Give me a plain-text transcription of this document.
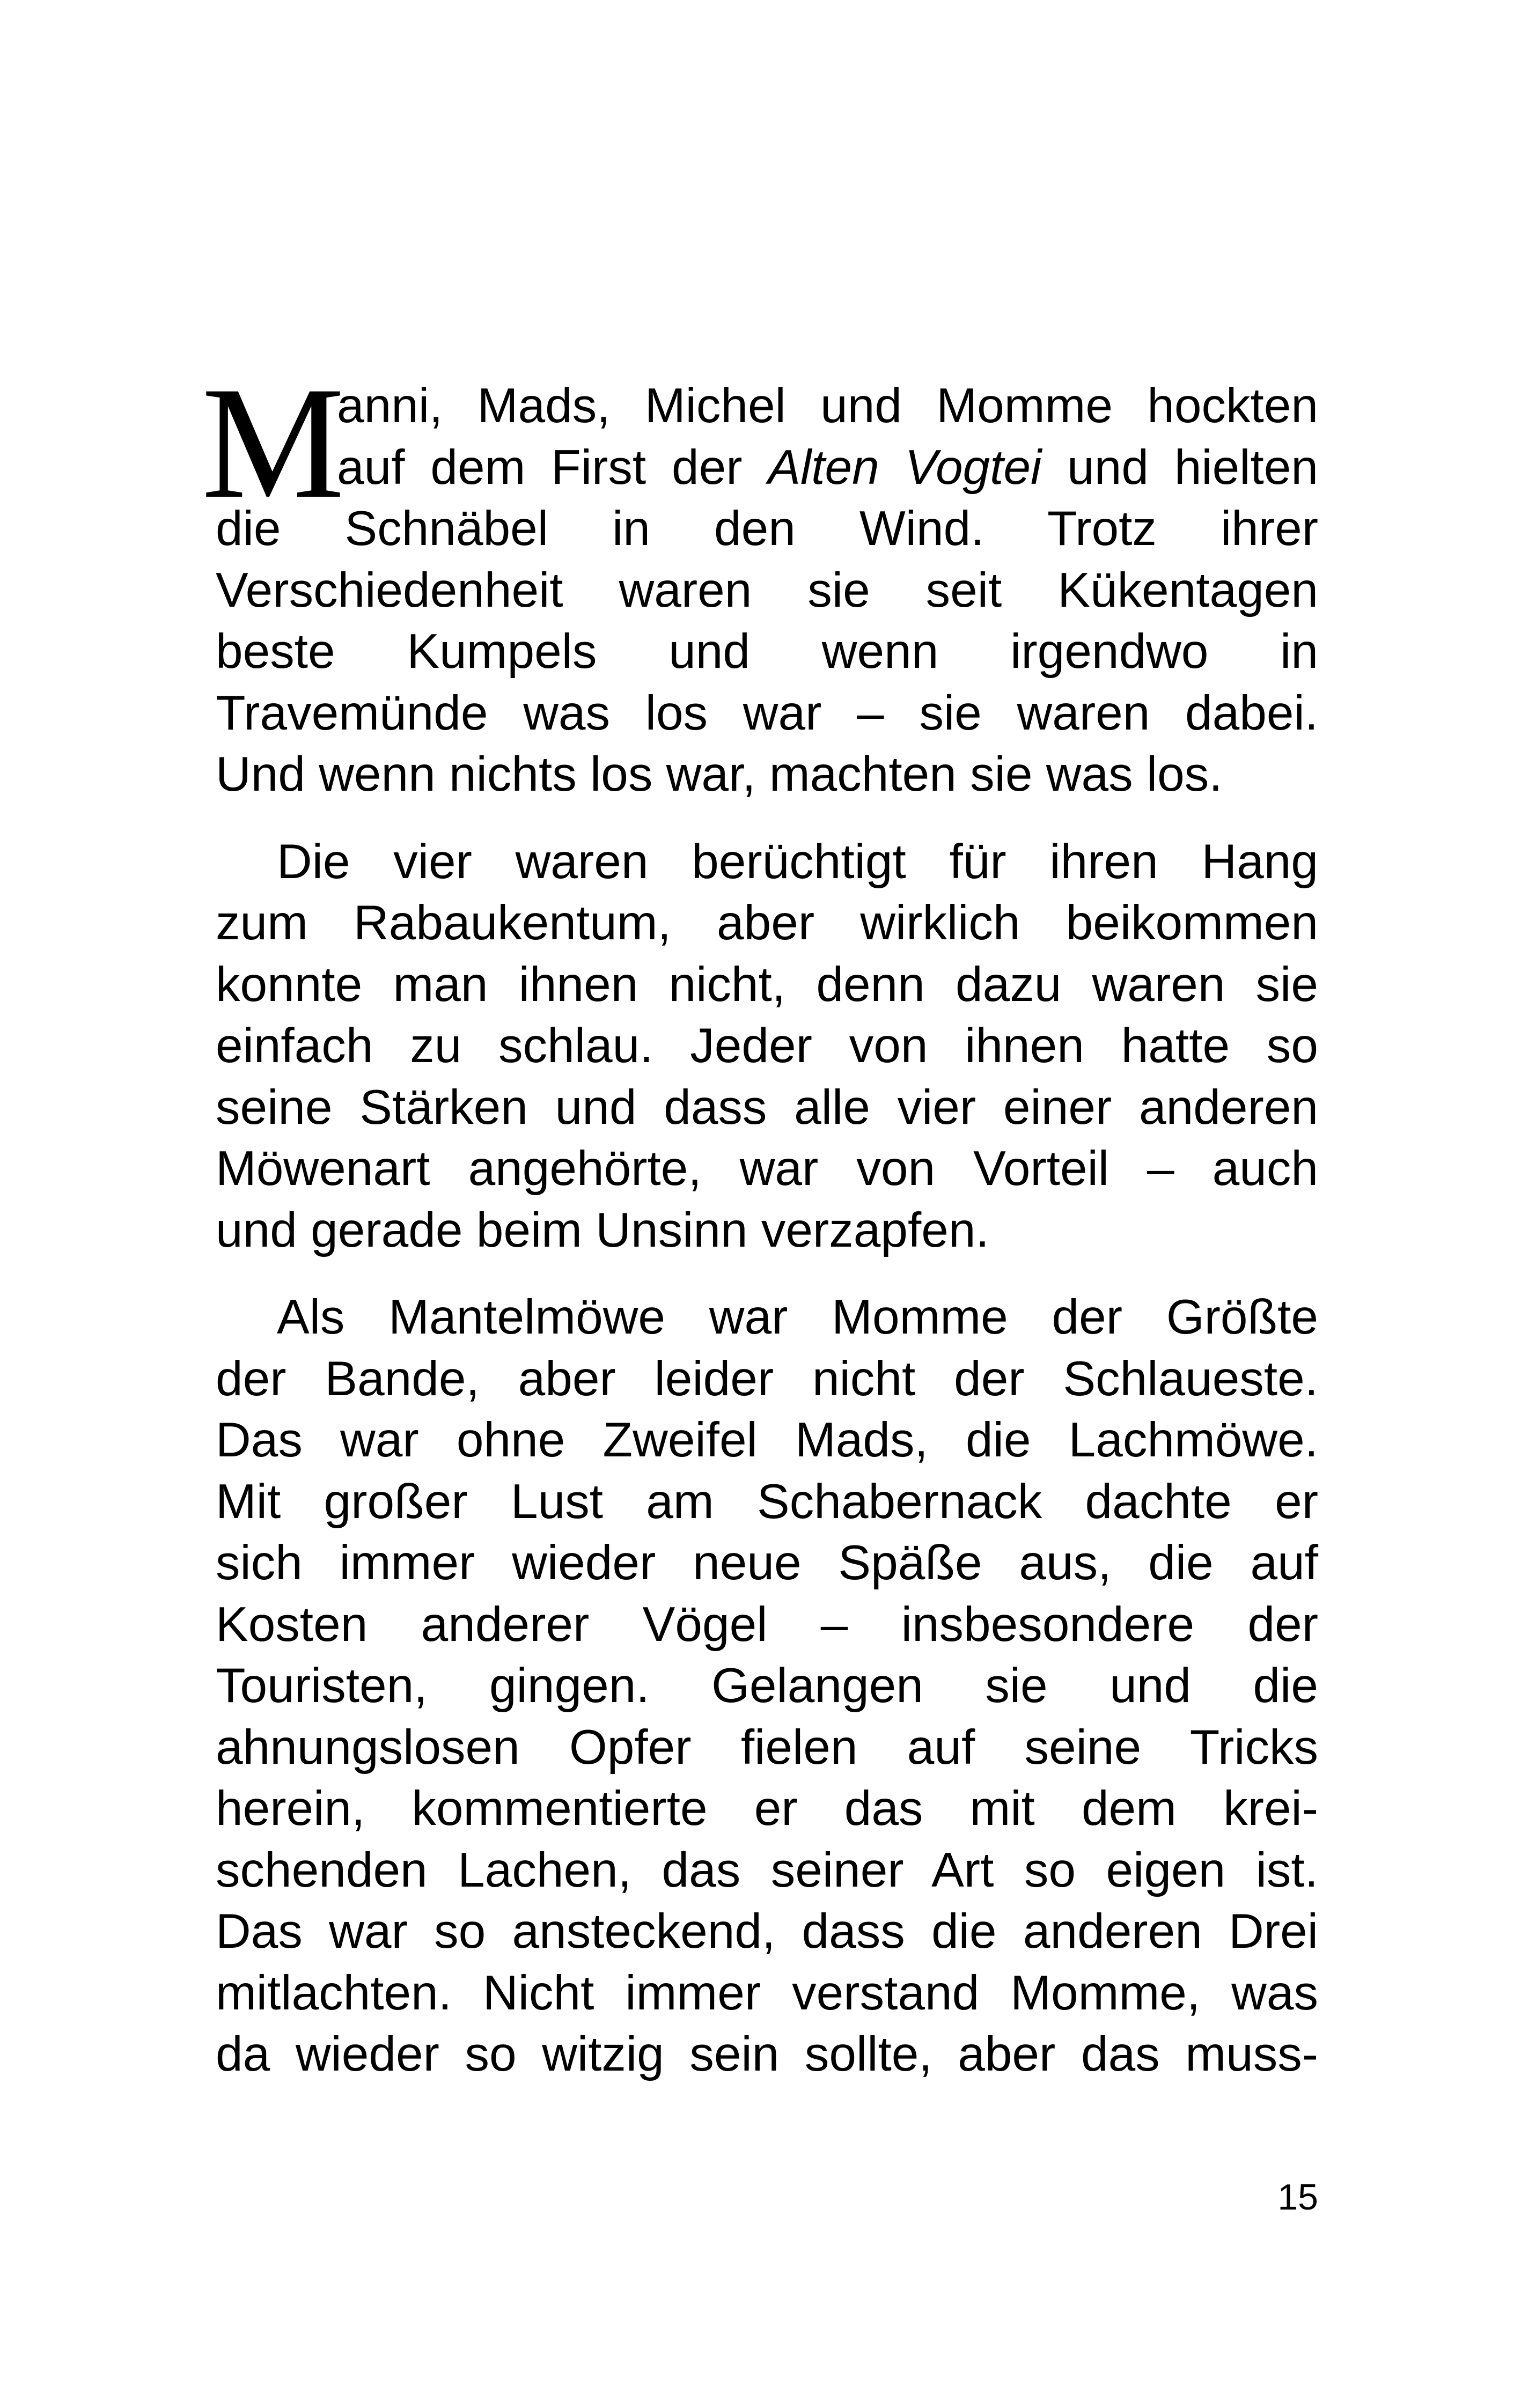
M
anni, Mads, Michel und Momme hockten
auf dem First der Alten Vogtei und hielten
die Schnäbel in den Wind. Trotz ihrer
Verschiedenheit waren sie seit Kükentagen
beste Kumpels und wenn irgendwo in
Travemünde was los war – sie waren dabei.
Und wenn nichts los war, machten sie was los.
Die vier waren berüchtigt für ihren Hang
zum Rabaukentum, aber wirklich beikommen
konnte man ihnen nicht, denn dazu waren sie
einfach zu schlau. Jeder von ihnen hatte so
seine Stärken und dass alle vier einer anderen
Möwenart angehörte, war von Vorteil – auch
und gerade beim Unsinn verzapfen.
Als Mantelmöwe war Momme der Größte
der Bande, aber leider nicht der Schlaueste.
Das war ohne Zweifel Mads, die Lachmöwe.
Mit großer Lust am Schabernack dachte er
sich immer wieder neue Späße aus, die auf
Kosten anderer Vögel – insbesondere der
Touristen, gingen. Gelangen sie und die
ahnungslosen Opfer fielen auf seine Tricks
herein, kommentierte er das mit dem krei-
schenden Lachen, das seiner Art so eigen ist.
Das war so ansteckend, dass die anderen Drei
mitlachten. Nicht immer verstand Momme, was
da wieder so witzig sein sollte, aber das muss-
15
